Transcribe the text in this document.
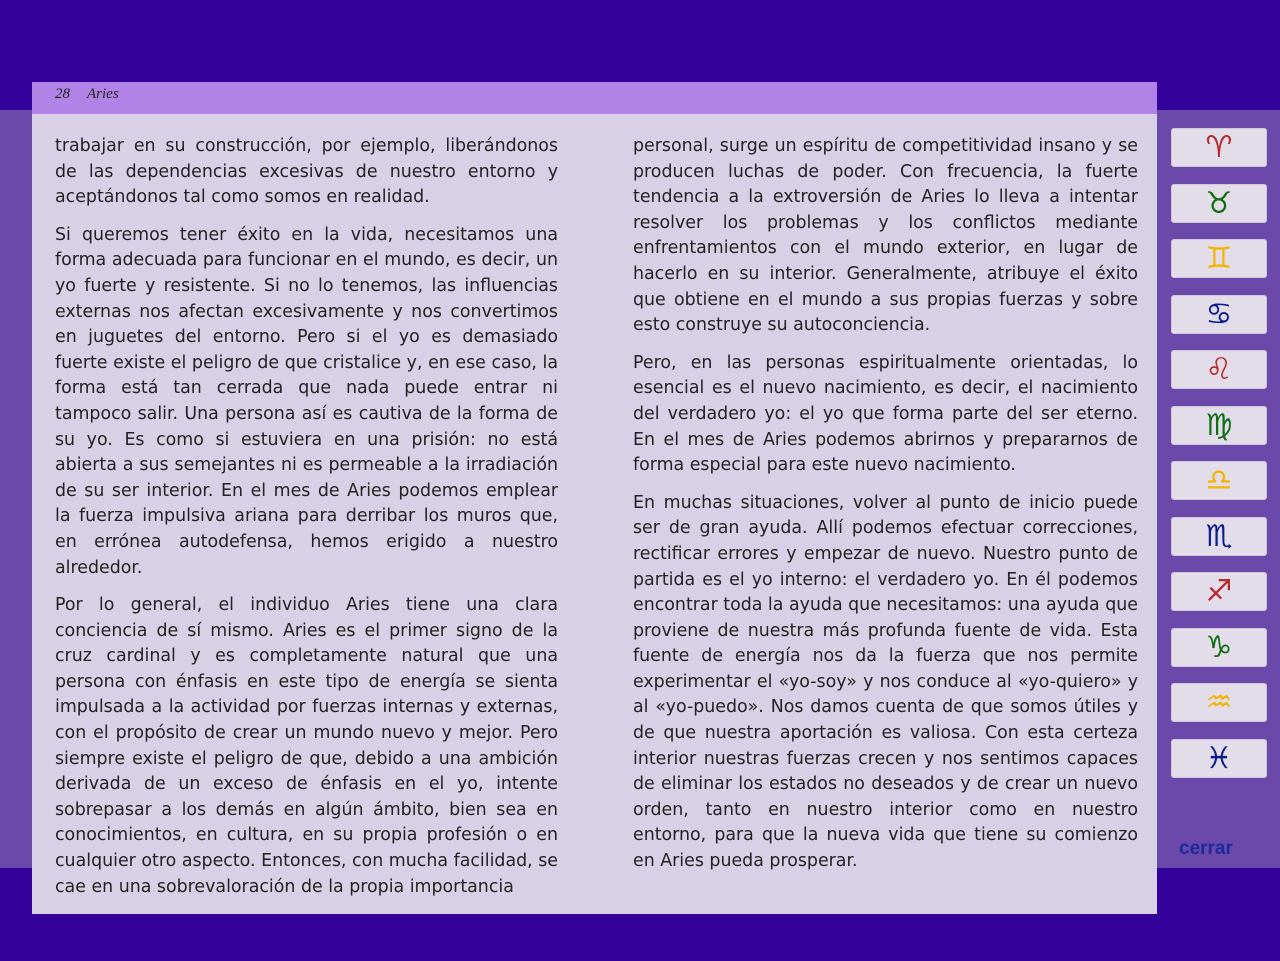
28 Aries

trabajar en su construcción, por ejemplo, liberándonos de las dependencias excesivas de nuestro entorno y aceptándonos tal como somos en realidad.

Si queremos tener éxito en la vida, necesitamos una forma adecuada para funcionar en el mundo, es decir, un yo fuerte y resistente. Si no lo tenemos, las influencias externas nos afectan excesivamente y nos convertimos en juguetes del entorno. Pero si el yo es demasiado fuerte existe el peligro de que cristalice y, en ese caso, la forma está tan cerrada que nada puede entrar ni tampoco salir. Una persona así es cautiva de la forma de su yo. Es como si estuviera en una prisión: no está abierta a sus semejantes ni es permeable a la irradiación de su ser interior. En el mes de Aries podemos emplear la fuerza impulsiva ariana para derribar los muros que, en errónea autodefensa, hemos erigido a nuestro alrededor.

Por lo general, el individuo Aries tiene una clara conciencia de sí mismo. Aries es el primer signo de la cruz cardinal y es completamente natural que una persona con énfasis en este tipo de energía se sienta impulsada a la actividad por fuerzas internas y externas, con el propósito de crear un mundo nuevo y mejor. Pero siempre existe el peligro de que, debido a una ambición derivada de un exceso de énfasis en el yo, intente sobrepasar a los demás en algún ámbito, bien sea en conocimientos, en cultura, en su propia profesión o en cualquier otro aspecto. Entonces, con mucha facilidad, se cae en una sobrevaloración de la propia importancia

personal, surge un espíritu de competitividad insano y se producen luchas de poder. Con frecuencia, la fuerte tendencia a la extroversión de Aries lo lleva a intentar resolver los problemas y los conflictos mediante enfrentamientos con el mundo exterior, en lugar de hacerlo en su interior. Generalmente, atribuye el éxito que obtiene en el mundo a sus propias fuerzas y sobre esto construye su autoconciencia.

Pero, en las personas espiritualmente orientadas, lo esencial es el nuevo nacimiento, es decir, el nacimiento del verdadero yo: el yo que forma parte del ser eterno. En el mes de Aries podemos abrirnos y prepararnos de forma especial para este nuevo nacimiento.

En muchas situaciones, volver al punto de inicio puede ser de gran ayuda. Allí podemos efectuar correcciones, rectificar errores y empezar de nuevo. Nuestro punto de partida es el yo interno: el verdadero yo. En él podemos encontrar toda la ayuda que necesitamos: una ayuda que proviene de nuestra más profunda fuente de vida. Esta fuente de energía nos da la fuerza que nos permite experimentar el «yo-soy» y nos conduce al «yo-quiero» y al «yo-puedo». Nos damos cuenta de que somos útiles y de que nuestra aportación es valiosa. Con esta certeza interior nuestras fuerzas crecen y nos sentimos capaces de eliminar los estados no deseados y de crear un nuevo orden, tanto en nuestro interior como en nuestro entorno, para que la nueva vida que tiene su comienzo en Aries pueda prosperar.

♈︎
♉︎
♊︎
♋︎
♌︎
♍︎
♎︎
♏︎
♐︎
♑︎
♒︎
♓︎
cerrar
